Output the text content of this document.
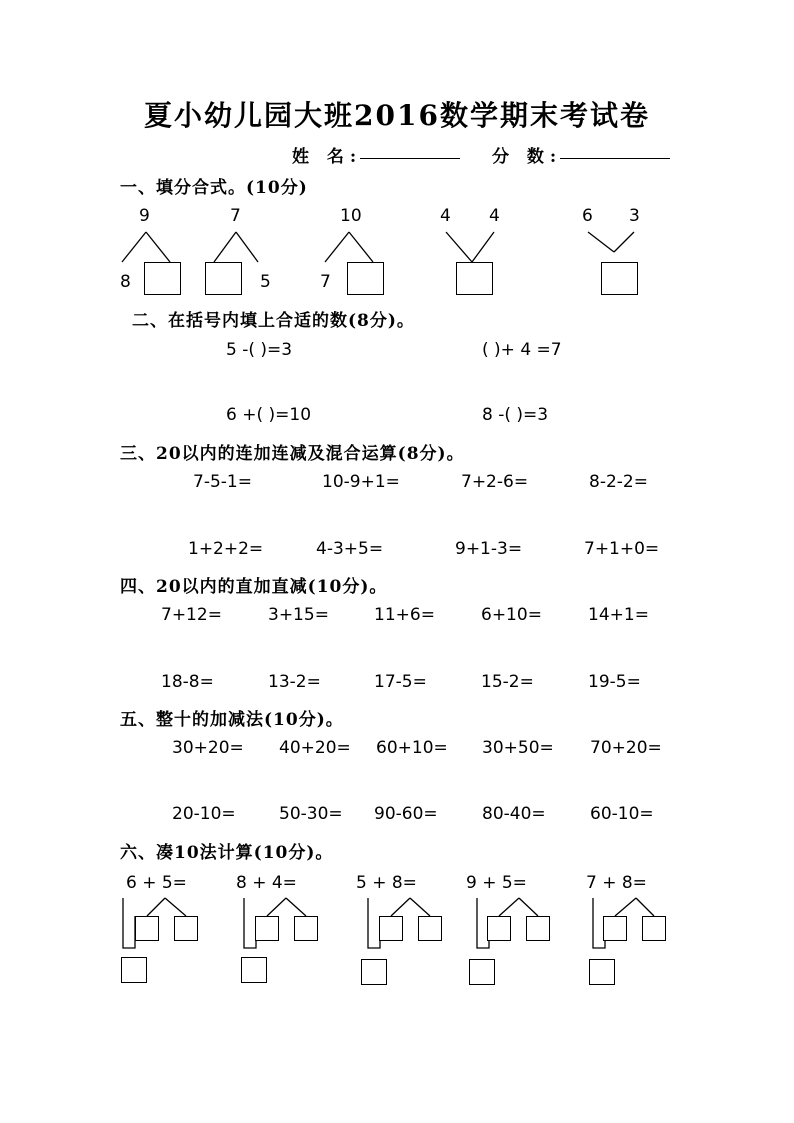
夏小幼儿园大班2016数学期末考试卷
姓 名:	分 数:
一、填分合式。(10分)
9
8
7
5
10
7
4 4	6 3
二、在括号内填上合适的数(8分)。
5 -( )=3	( )+ 4 =7
6 +( )=10	8 -( )=3
三、20以内的连加连减及混合运算(8分)。
7-5-1=	10-9+1=	7+2-6=	8-2-2=
1+2+2=	4-3+5=	9+1-3=	7+1+0=
四、20以内的直加直减(10分)。
7+12=	3+15=	11+6=	6+10=	14+1=
18-8=	13-2=	17-5=	15-2=	19-5=
五、整十的加减法(10分)。
30+20= 40+20= 60+10= 30+50= 70+20=
20-10=	50-30= 90-60=	80-40=	60-10=
六、凑10法计算(10分)。
6 + 5=	8 + 4=	5 + 8=	9 + 5=	7 + 8=
